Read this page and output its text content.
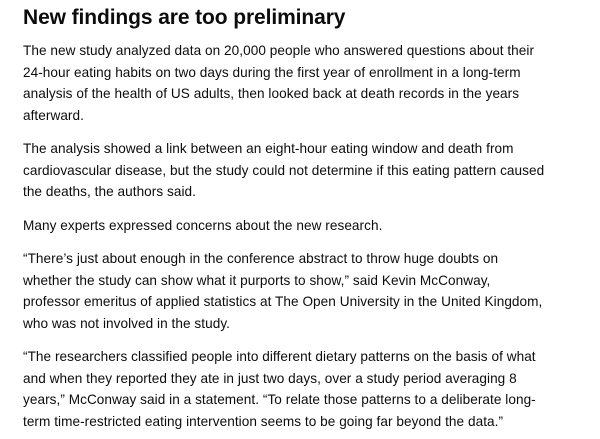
New findings are too preliminary

The new study analyzed data on 20,000 people who answered questions about their
24-hour eating habits on two days during the first year of enrollment in a long-term
analysis of the health of US adults, then looked back at death records in the years
afterward.

The analysis showed a link between an eight-hour eating window and death from
cardiovascular disease, but the study could not determine if this eating pattern caused
the deaths, the authors said.

Many experts expressed concerns about the new research.

“There’s just about enough in the conference abstract to throw huge doubts on
whether the study can show what it purports to show,” said Kevin McConway,
professor emeritus of applied statistics at The Open University in the United Kingdom,
who was not involved in the study.

“The researchers classified people into different dietary patterns on the basis of what
and when they reported they ate in just two days, over a study period averaging 8
years,” McConway said in a statement. “To relate those patterns to a deliberate long-
term time-restricted eating intervention seems to be going far beyond the data.”
